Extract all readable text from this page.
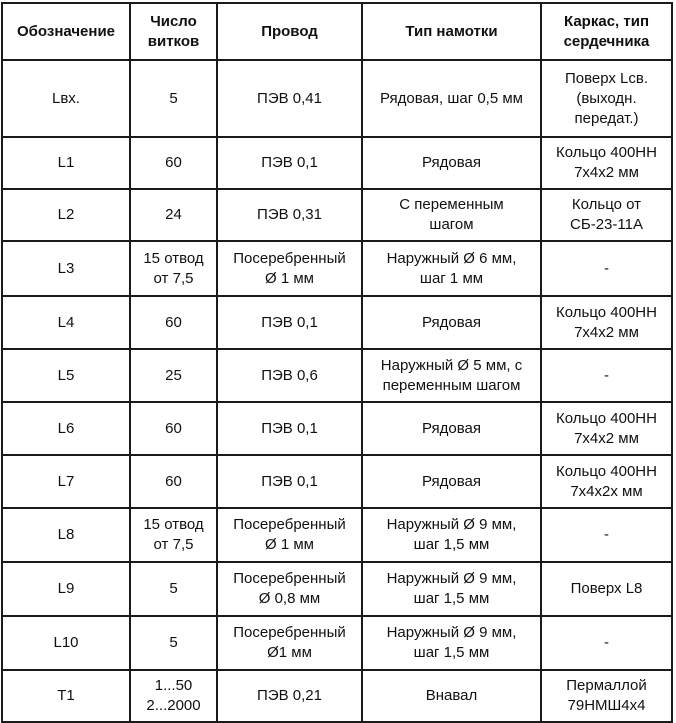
Обозначение	Число
витков	Провод	Тип намотки	Каркас, тип
сердечника
Lвх.	5	ПЭВ 0,41	Рядовая, шаг 0,5 мм	Поверх Lсв.
(выходн.
передат.)
L1	60	ПЭВ 0,1	Рядовая	Кольцо 400НН
7х4х2 мм
L2	24	ПЭВ 0,31	С переменным
шагом	Кольцо от
СБ-23-11А
L3	15 отвод
от 7,5	Посеребренный
Ø 1 мм	Наружный Ø 6 мм,
шаг 1 мм	-
L4	60	ПЭВ 0,1	Рядовая	Кольцо 400НН
7х4х2 мм
L5	25	ПЭВ 0,6	Наружный Ø 5 мм, с
переменным шагом	-
L6	60	ПЭВ 0,1	Рядовая	Кольцо 400НН
7х4х2 мм
L7	60	ПЭВ 0,1	Рядовая	Кольцо 400НН
7х4х2х мм
L8	15 отвод
от 7,5	Посеребренный
Ø 1 мм	Наружный Ø 9 мм,
шаг 1,5 мм	-
L9	5	Посеребренный
Ø 0,8 мм	Наружный Ø 9 мм,
шаг 1,5 мм	Поверх L8
L10	5	Посеребренный
Ø1 мм	Наружный Ø 9 мм,
шаг 1,5 мм	-
Т1	1...50
2...2000	ПЭВ 0,21	Внавал	Пермаллой
79НМШ4х4
